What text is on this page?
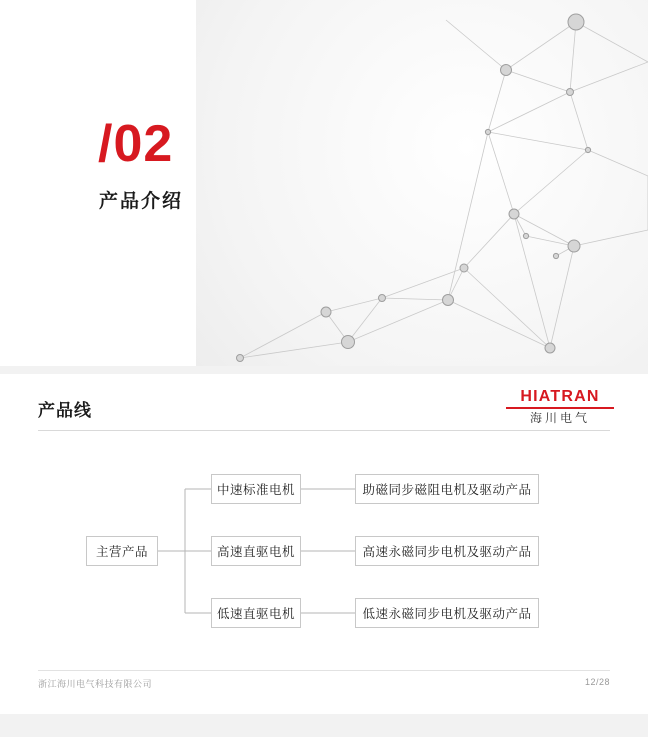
/02
产品介绍
产品线
HIATRAN
海川电气
主营产品
中速标准电机
高速直驱电机
低速直驱电机
助磁同步磁阻电机及驱动产品
高速永磁同步电机及驱动产品
低速永磁同步电机及驱动产品
浙江海川电气科技有限公司	12/28
